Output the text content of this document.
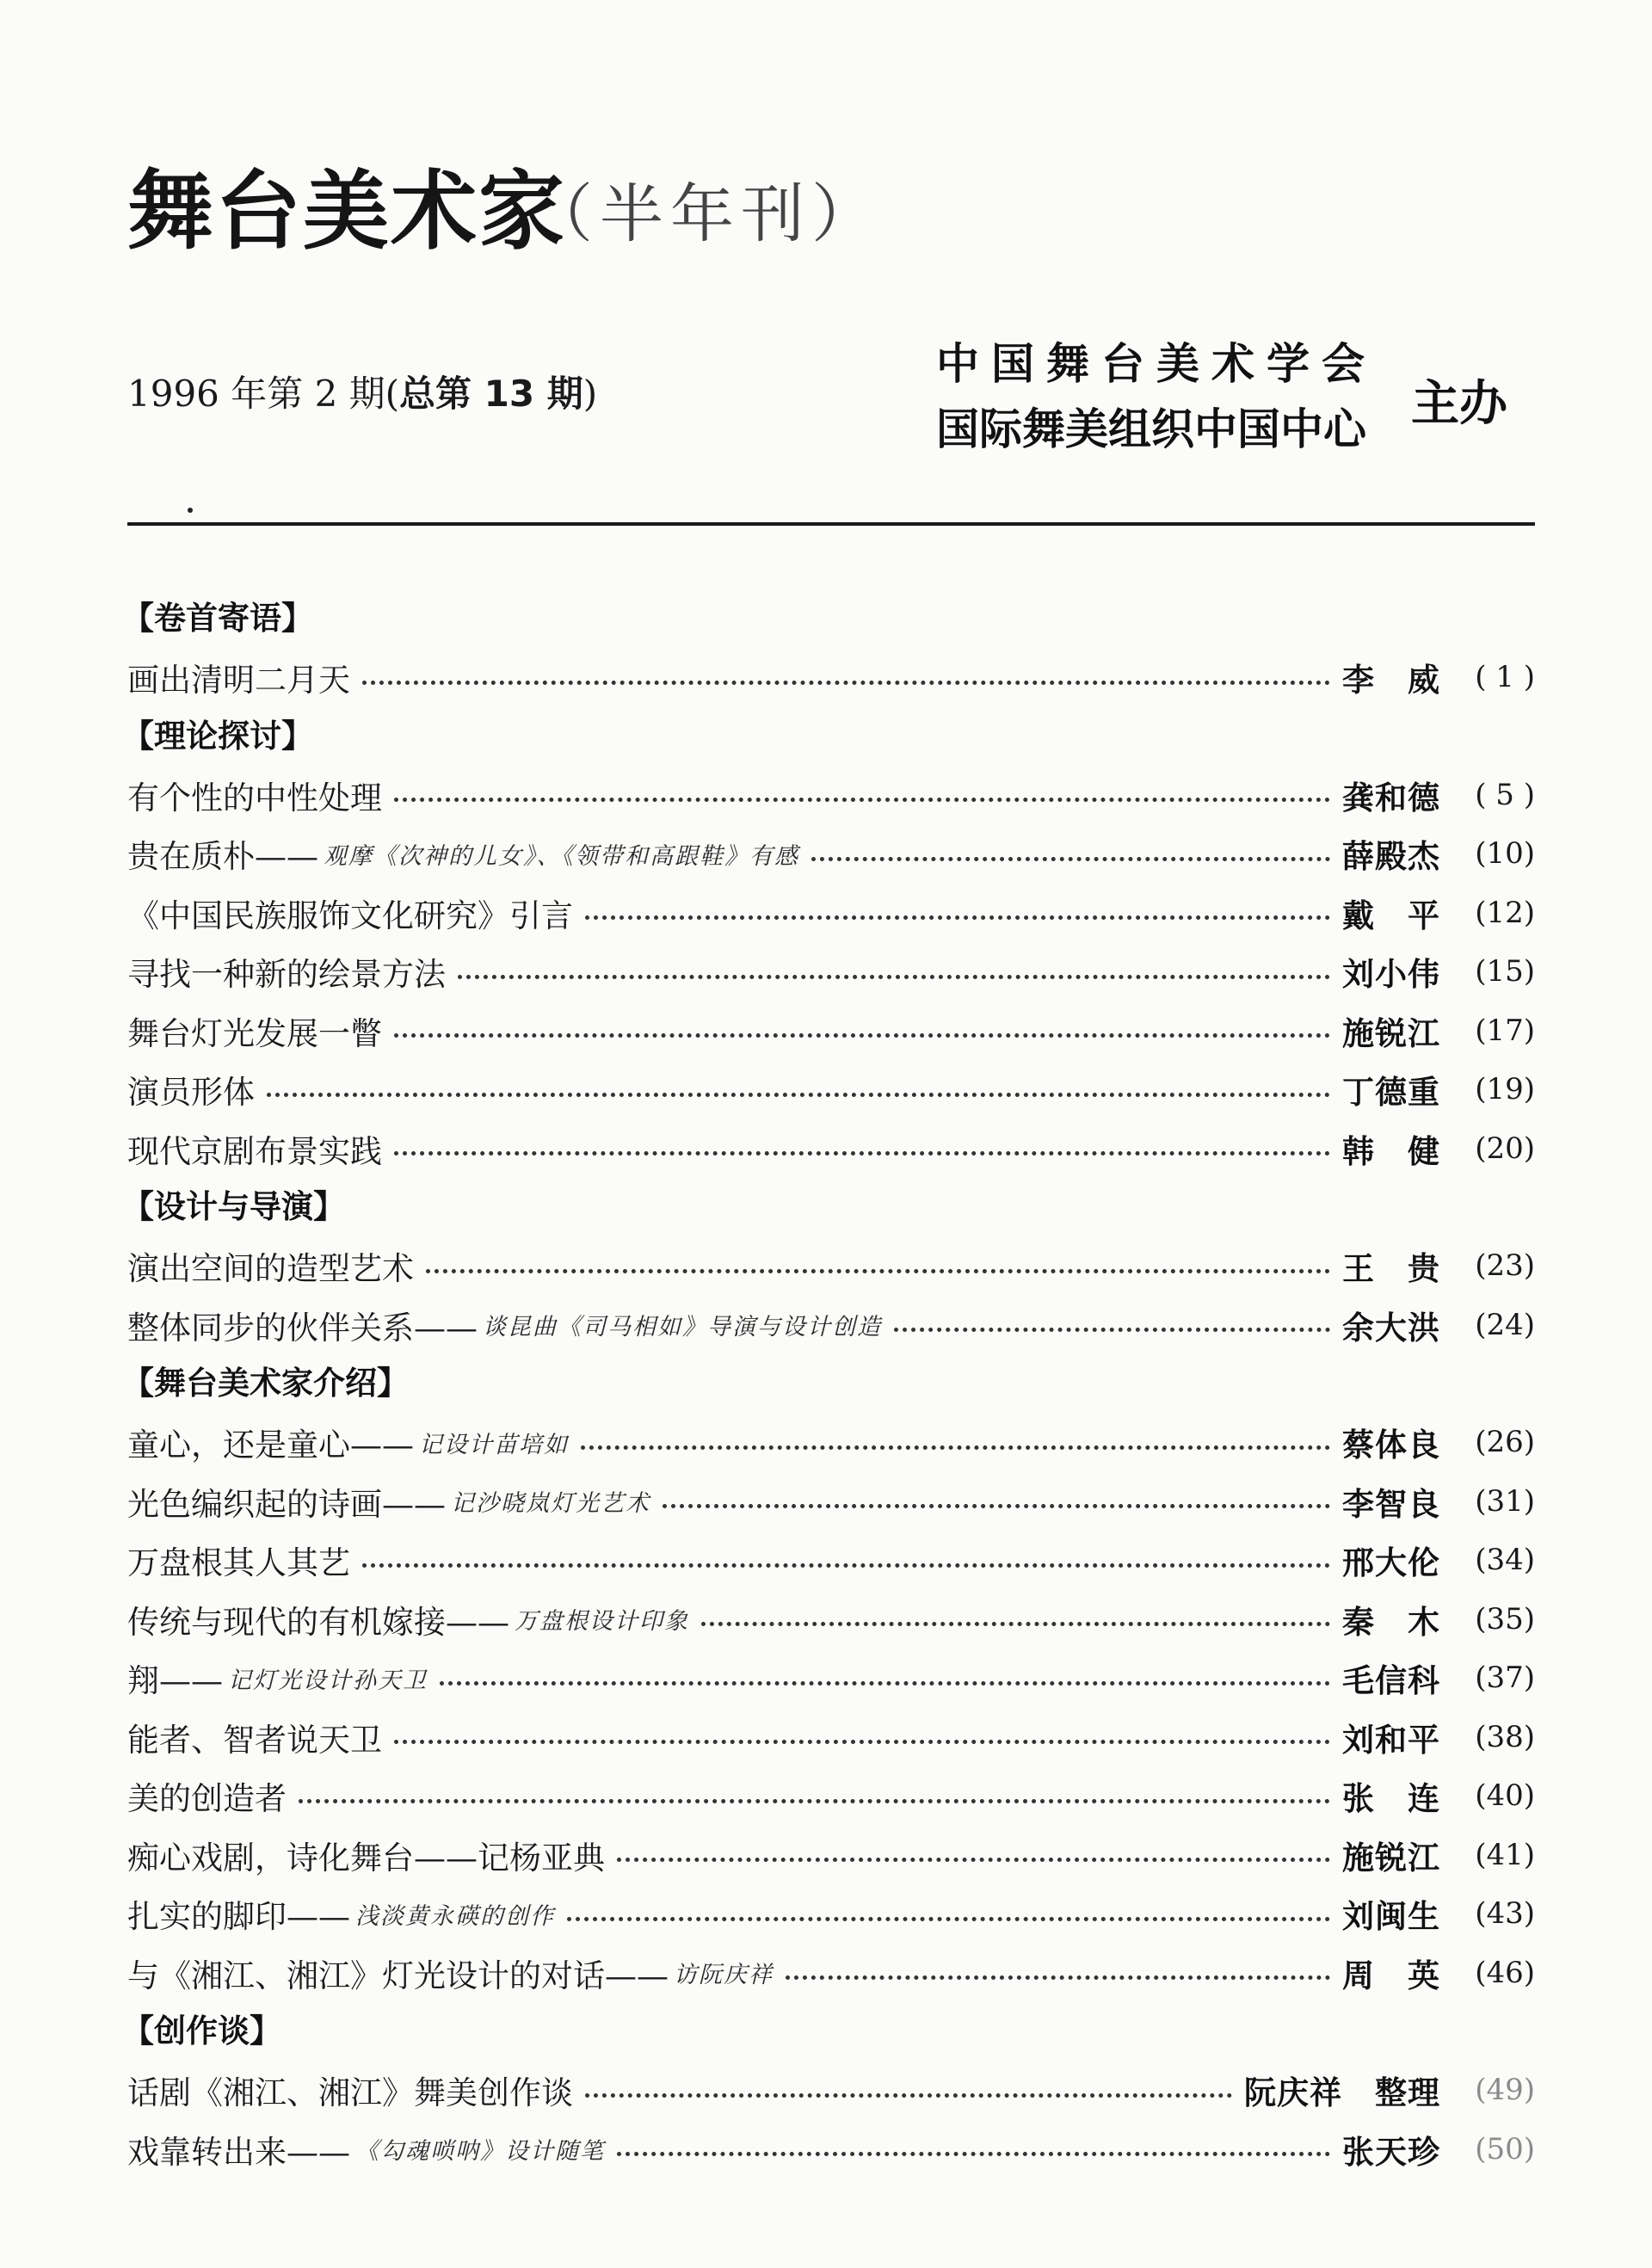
舞台美术家
（半年刊）
1996 年第 2 期(总第 13 期)
中国舞台美术学会
国际舞美组织中国中心 主办
【卷首寄语】
画出清明二月天	李　威	( 1 )
【理论探讨】
有个性的中性处理	龚和德	( 5 )
贵在质朴—— 观摩《次神的儿女》、《领带和高跟鞋》有感	薛殿杰	(10)
《中国民族服饰文化研究》引言	戴　平	(12)
寻找一种新的绘景方法	刘小伟	(15)
舞台灯光发展一瞥	施锐江	(17)
演员形体	丁德重	(19)
现代京剧布景实践	韩　健	(20)
【设计与导演】
演出空间的造型艺术	王　贵	(23)
整体同步的伙伴关系—— 谈昆曲《司马相如》导演与设计创造	余大洪	(24)
【舞台美术家介绍】
童心，还是童心—— 记设计苗培如	蔡体良	(26)
光色编织起的诗画—— 记沙晓岚灯光艺术	李智良	(31)
万盘根其人其艺	邢大伦	(34)
传统与现代的有机嫁接—— 万盘根设计印象	秦　木	(35)
翔—— 记灯光设计孙天卫	毛信科	(37)
能者、智者说天卫	刘和平	(38)
美的创造者	张　连	(40)
痴心戏剧，诗化舞台——记杨亚典	施锐江	(41)
扎实的脚印—— 浅淡黄永碤的创作	刘闽生	(43)
与《湘江、湘江》灯光设计的对话—— 访阮庆祥	周　英	(46)
【创作谈】
话剧《湘江、湘江》舞美创作谈	阮庆祥　整理	(49)
戏靠转出来—— 《勾魂唢呐》设计随笔	张天珍	(50)
